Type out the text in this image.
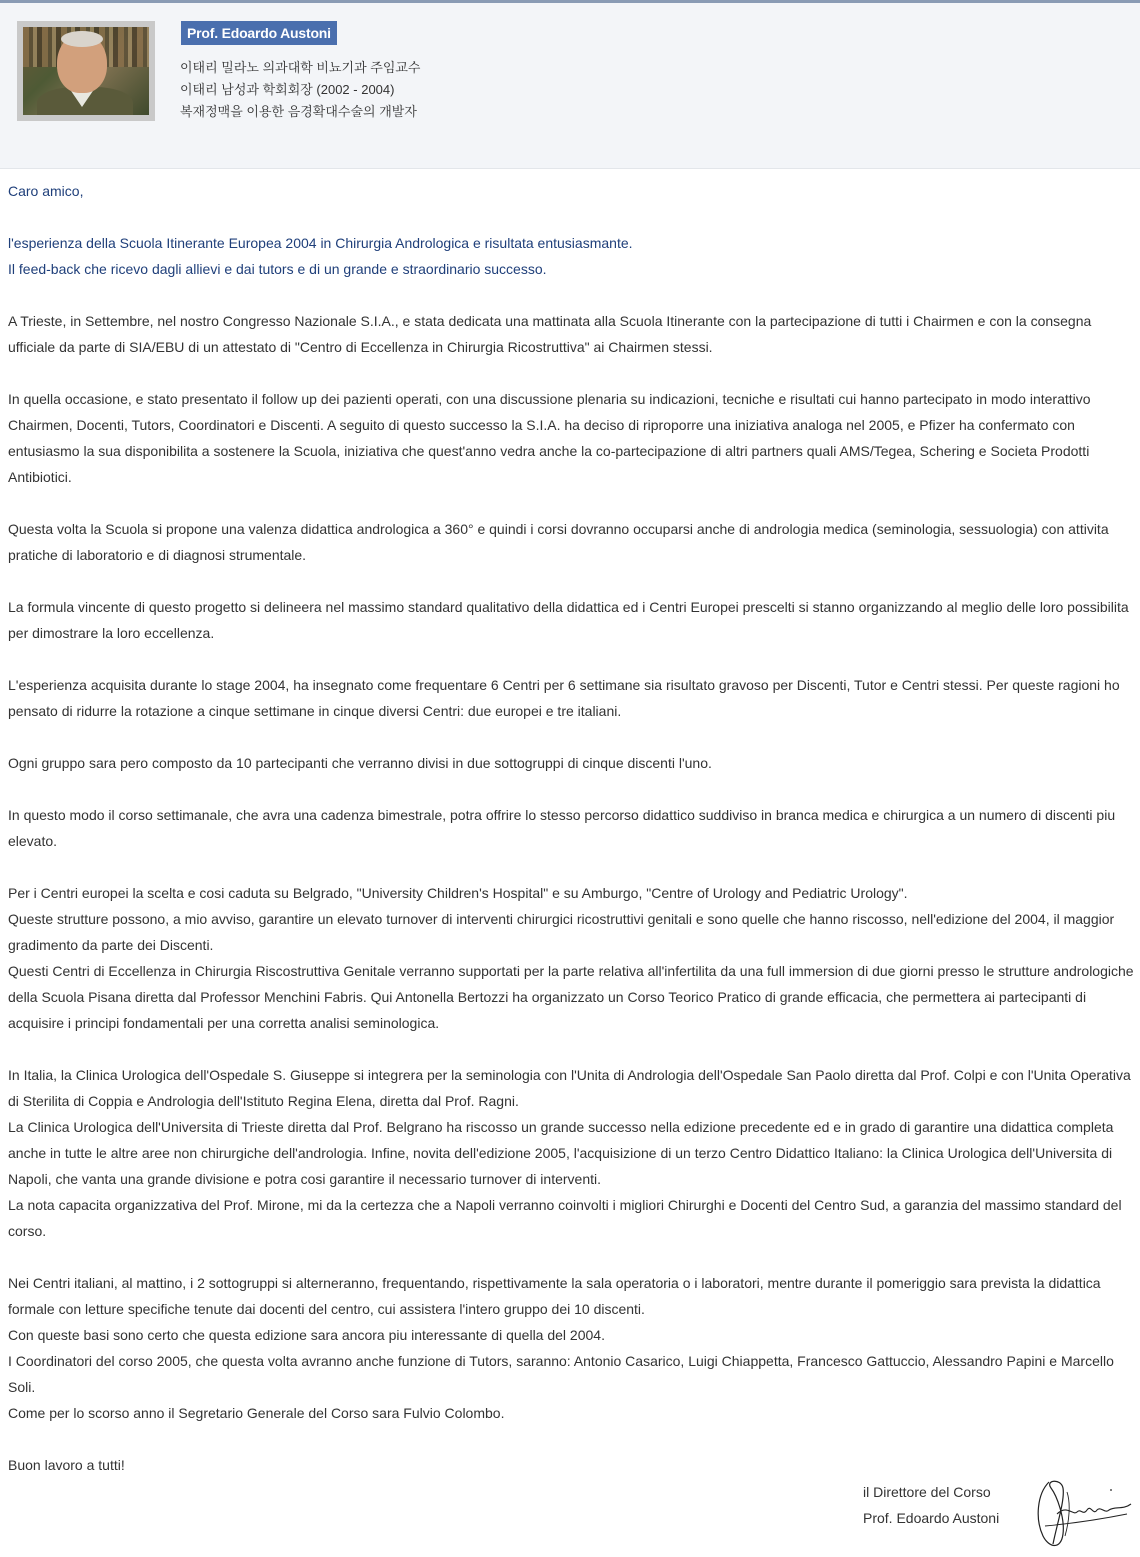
Prof. Edoardo Austoni
이태리 밀라노 의과대학 비뇨기과 주임교수
이태리 남성과 학회회장 (2002 - 2004)
복재정맥을 이용한 음경확대수술의 개발자

Caro amico,

l'esperienza della Scuola Itinerante Europea 2004 in Chirurgia Andrologica e risultata entusiasmante.
Il feed-back che ricevo dagli allievi e dai tutors e di un grande e straordinario successo.

A Trieste, in Settembre, nel nostro Congresso Nazionale S.I.A., e stata dedicata una mattinata alla Scuola Itinerante con la partecipazione di tutti i Chairmen e con la consegna ufficiale da parte di SIA/EBU di un attestato di "Centro di Eccellenza in Chirurgia Ricostruttiva" ai Chairmen stessi.

In quella occasione, e stato presentato il follow up dei pazienti operati, con una discussione plenaria su indicazioni, tecniche e risultati cui hanno partecipato in modo interattivo Chairmen, Docenti, Tutors, Coordinatori e Discenti. A seguito di questo successo la S.I.A. ha deciso di riproporre una iniziativa analoga nel 2005, e Pfizer ha confermato con entusiasmo la sua disponibilita a sostenere la Scuola, iniziativa che quest'anno vedra anche la co-partecipazione di altri partners quali AMS/Tegea, Schering e Societa Prodotti Antibiotici.

Questa volta la Scuola si propone una valenza didattica andrologica a 360° e quindi i corsi dovranno occuparsi anche di andrologia medica (seminologia, sessuologia) con attivita pratiche di laboratorio e di diagnosi strumentale.

La formula vincente di questo progetto si delineera nel massimo standard qualitativo della didattica ed i Centri Europei prescelti si stanno organizzando al meglio delle loro possibilita per dimostrare la loro eccellenza.

L'esperienza acquisita durante lo stage 2004, ha insegnato come frequentare 6 Centri per 6 settimane sia risultato gravoso per Discenti, Tutor e Centri stessi. Per queste ragioni ho pensato di ridurre la rotazione a cinque settimane in cinque diversi Centri: due europei e tre italiani.

Ogni gruppo sara pero composto da 10 partecipanti che verranno divisi in due sottogruppi di cinque discenti l'uno.

In questo modo il corso settimanale, che avra una cadenza bimestrale, potra offrire lo stesso percorso didattico suddiviso in branca medica e chirurgica a un numero di discenti piu elevato.

Per i Centri europei la scelta e cosi caduta su Belgrado, "University Children's Hospital" e su Amburgo, "Centre of Urology and Pediatric Urology".
Queste strutture possono, a mio avviso, garantire un elevato turnover di interventi chirurgici ricostruttivi genitali e sono quelle che hanno riscosso, nell'edizione del 2004, il maggior gradimento da parte dei Discenti.
Questi Centri di Eccellenza in Chirurgia Riscostruttiva Genitale verranno supportati per la parte relativa all'infertilita da una full immersion di due giorni presso le strutture andrologiche della Scuola Pisana diretta dal Professor Menchini Fabris. Qui Antonella Bertozzi ha organizzato un Corso Teorico Pratico di grande efficacia, che permettera ai partecipanti di acquisire i principi fondamentali per una corretta analisi seminologica.

In Italia, la Clinica Urologica dell'Ospedale S. Giuseppe si integrera per la seminologia con l'Unita di Andrologia dell'Ospedale San Paolo diretta dal Prof. Colpi e con l'Unita Operativa di Sterilita di Coppia e Andrologia dell'Istituto Regina Elena, diretta dal Prof. Ragni.
La Clinica Urologica dell'Universita di Trieste diretta dal Prof. Belgrano ha riscosso un grande successo nella edizione precedente ed e in grado di garantire una didattica completa anche in tutte le altre aree non chirurgiche dell'andrologia. Infine, novita dell'edizione 2005, l'acquisizione di un terzo Centro Didattico Italiano: la Clinica Urologica dell'Universita di Napoli, che vanta una grande divisione e potra cosi garantire il necessario turnover di interventi.
La nota capacita organizzativa del Prof. Mirone, mi da la certezza che a Napoli verranno coinvolti i migliori Chirurghi e Docenti del Centro Sud, a garanzia del massimo standard del corso.

Nei Centri italiani, al mattino, i 2 sottogruppi si alterneranno, frequentando, rispettivamente la sala operatoria o i laboratori, mentre durante il pomeriggio sara prevista la didattica formale con letture specifiche tenute dai docenti del centro, cui assistera l'intero gruppo dei 10 discenti.
Con queste basi sono certo che questa edizione sara ancora piu interessante di quella del 2004.
I Coordinatori del corso 2005, che questa volta avranno anche funzione di Tutors, saranno: Antonio Casarico, Luigi Chiappetta, Francesco Gattuccio, Alessandro Papini e Marcello Soli.
Come per lo scorso anno il Segretario Generale del Corso sara Fulvio Colombo.

Buon lavoro a tutti!

il Direttore del Corso
Prof. Edoardo Austoni
